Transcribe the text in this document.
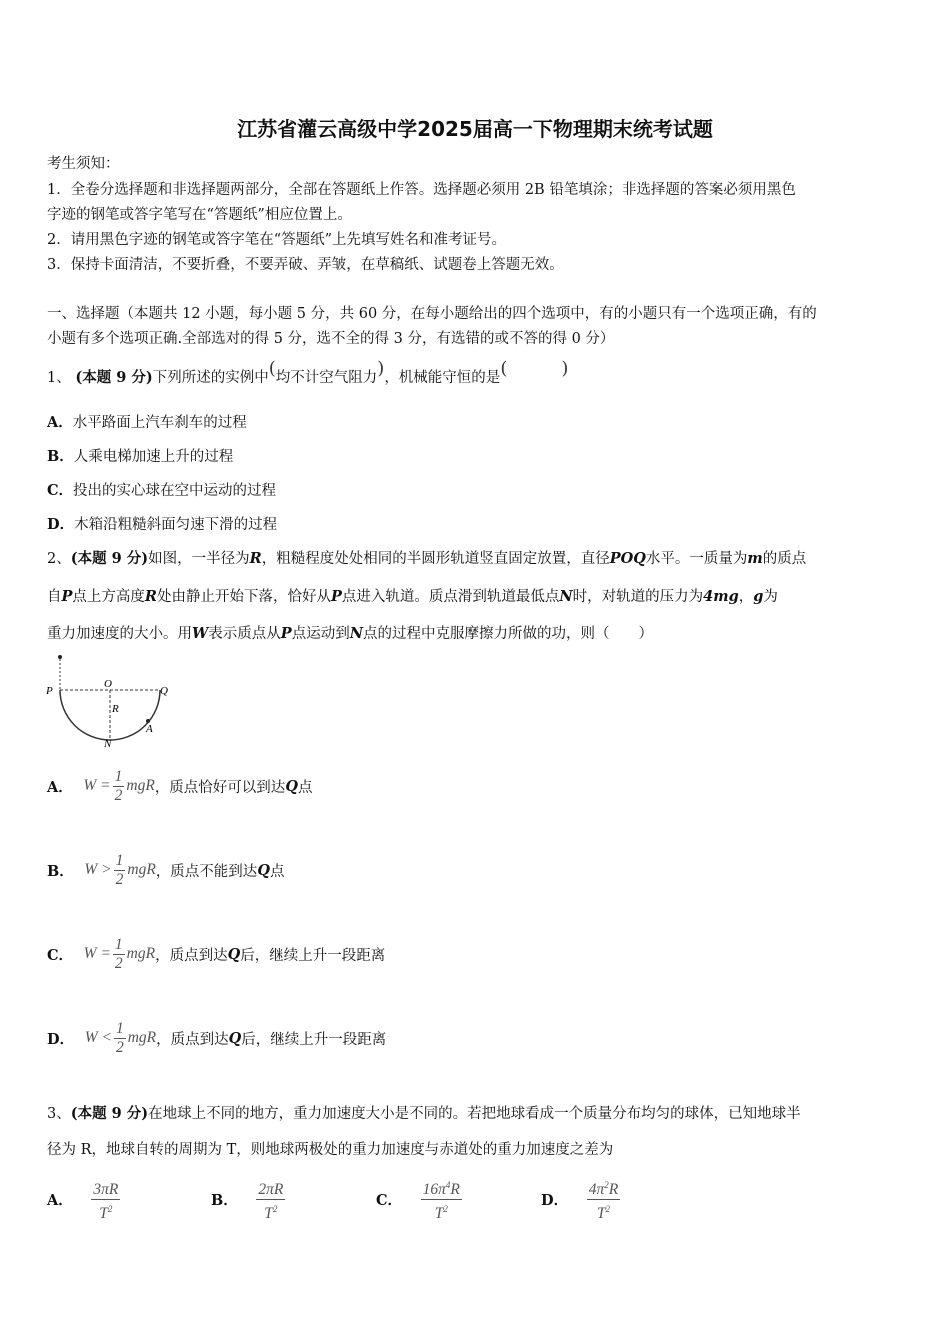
江苏省灌云高级中学2025届高一下物理期末统考试题
考生须知：
1．全卷分选择题和非选择题两部分，全部在答题纸上作答。选择题必须用 2B 铅笔填涂；非选择题的答案必须用黑色
字迹的钢笔或答字笔写在“答题纸”相应位置上。
2．请用黑色字迹的钢笔或答字笔在“答题纸”上先填写姓名和准考证号。
3．保持卡面清洁，不要折叠，不要弄破、弄皱，在草稿纸、试题卷上答题无效。
一、选择题（本题共 12 小题，每小题 5 分，共 60 分，在每小题给出的四个选项中，有的小题只有一个选项正确，有的
小题有多个选项正确.全部选对的得 5 分，选不全的得 3 分，有选错的或不答的得 0 分）
1、 (本题 9 分)下列所述的实例中(均不计空气阻力)，机械能守恒的是(　　　)
A．水平路面上汽车刹车的过程
B．人乘电梯加速上升的过程
C．投出的实心球在空中运动的过程
D．木箱沿粗糙斜面匀速下滑的过程
2、(本题 9 分)如图，一半径为R，粗糙程度处处相同的半圆形轨道竖直固定放置，直径POQ水平。一质量为m的质点
自P点上方高度R处由静止开始下落，恰好从P点进入轨道。质点滑到轨道最低点N时，对轨道的压力为4mg，g为
重力加速度的大小。用W表示质点从P点运动到N点的过程中克服摩擦力所做的功，则（　　）
P
O
Q
R
N
A
A． $W = \frac{1}{2}$ mgR，质点恰好可以到达Q点
B． $W > \frac{1}{2}$ mgR，质点不能到达Q点
C． $W = \frac{1}{2}$ mgR，质点到达Q后，继续上升一段距离
D． $W < \frac{1}{2}$ mgR，质点到达Q后，继续上升一段距离
3、(本题 9 分)在地球上不同的地方，重力加速度大小是不同的。若把地球看成一个质量分布均匀的球体，已知地球半
径为 R，地球自转的周期为 T，则地球两极处的重力加速度与赤道处的重力加速度之差为
A． $\frac{3\pi R}{T^2}$	B． $\frac{2\pi R}{T^2}$	C． $\frac{16\pi^4R}{T^2}$	D． $\frac{4\pi^2R}{T^2}$
